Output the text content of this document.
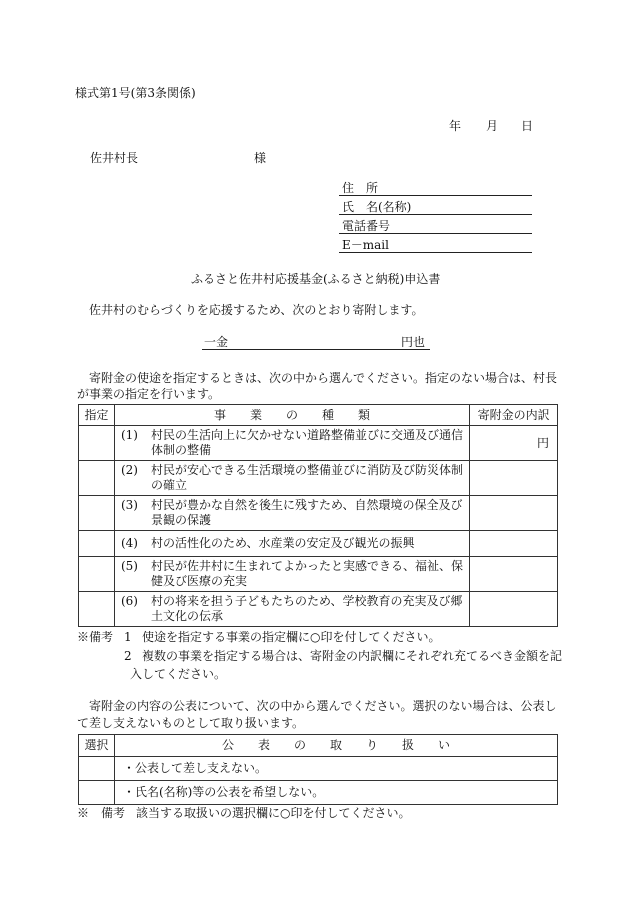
様式第1号(第3条関係)
年 月 日
佐井村長	様
住　所
氏　名(名称)
電話番号
E－mail
ふるさと佐井村応援基金(ふるさと納税)申込書
佐井村のむらづくりを応援するため、次のとおり寄附します。
一金	円也
寄附金の使途を指定するときは、次の中から選んでください。指定のない場合は、村長
が事業の指定を行います。
指定	事　　業　　の　　種　　類	寄附金の内訳

	(1) 村民の生活向上に欠かせない道路整備並びに交通及び通信
体制の整備	円

	(2) 村民が安心できる生活環境の整備並びに消防及び防災体制
の確立	

	(3) 村民が豊かな自然を後生に残すため、自然環境の保全及び
景観の保護	

	(4) 村の活性化のため、水産業の安定及び観光の振興	

	(5) 村民が佐井村に生まれてよかったと実感できる、福祉、保
健及び医療の充実	

	(6) 村の将来を担う子どもたちのため、学校教育の充実及び郷
土文化の伝承	

※備考 1 使途を指定する事業の指定欄に○印を付してください。
2 複数の事業を指定する場合は、寄附金の内訳欄にそれぞれ充てるべき金額を記
入してください。
寄附金の内容の公表について、次の中から選んでください。選択のない場合は、公表し
て差し支えないものとして取り扱います。
選択	公　　表　　の　　取　　り　　扱　　い
	・公表して差し支えない。
	・氏名(名称)等の公表を希望しない。
※　備考 該当する取扱いの選択欄に○印を付してください。
